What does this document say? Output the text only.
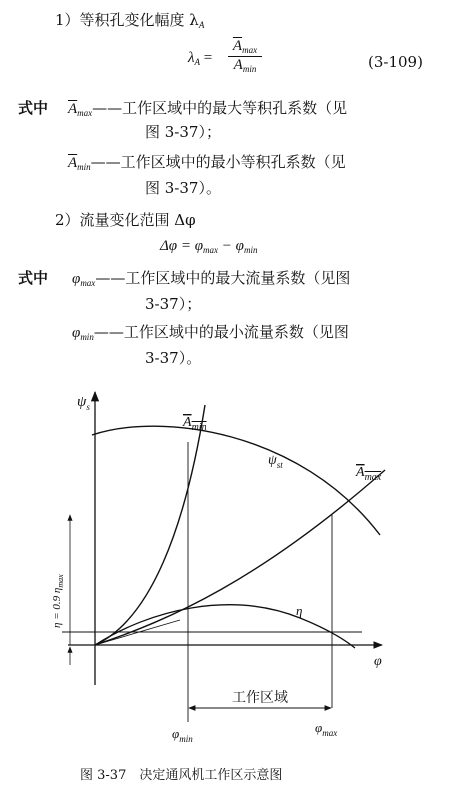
1）等积孔变化幅度 $\lambda_A$
$\lambda_A$ =
$\overline{A}_{max}$
$\overline{A}_{min}$	(3-109)
式中 $\overline{A}_{max}——$工作区域中的最大等积孔系数（见
图 3-37）；
$\overline{A}_{min}——$工作区域中的最小等积孔系数（见
图 3-37）。
2）流量变化范围 Δφ
$\Delta\varphi = \varphi_{max} - \varphi_{min}$
式中 $\varphi_{max}——$工作区域中的最大流量系数（见图
3-37）；
$\varphi_{min}——$工作区域中的最小流量系数（见图
3-37）。
$\psi_s$
φ
$A_{min}$
$\psi_{st}$	$A_{max}$
η
η = 0.9 $\eta_{max}$
$\varphi_{min}$
$\varphi_{max}$
工作区域
图 3-37　决定通风机工作区示意图
